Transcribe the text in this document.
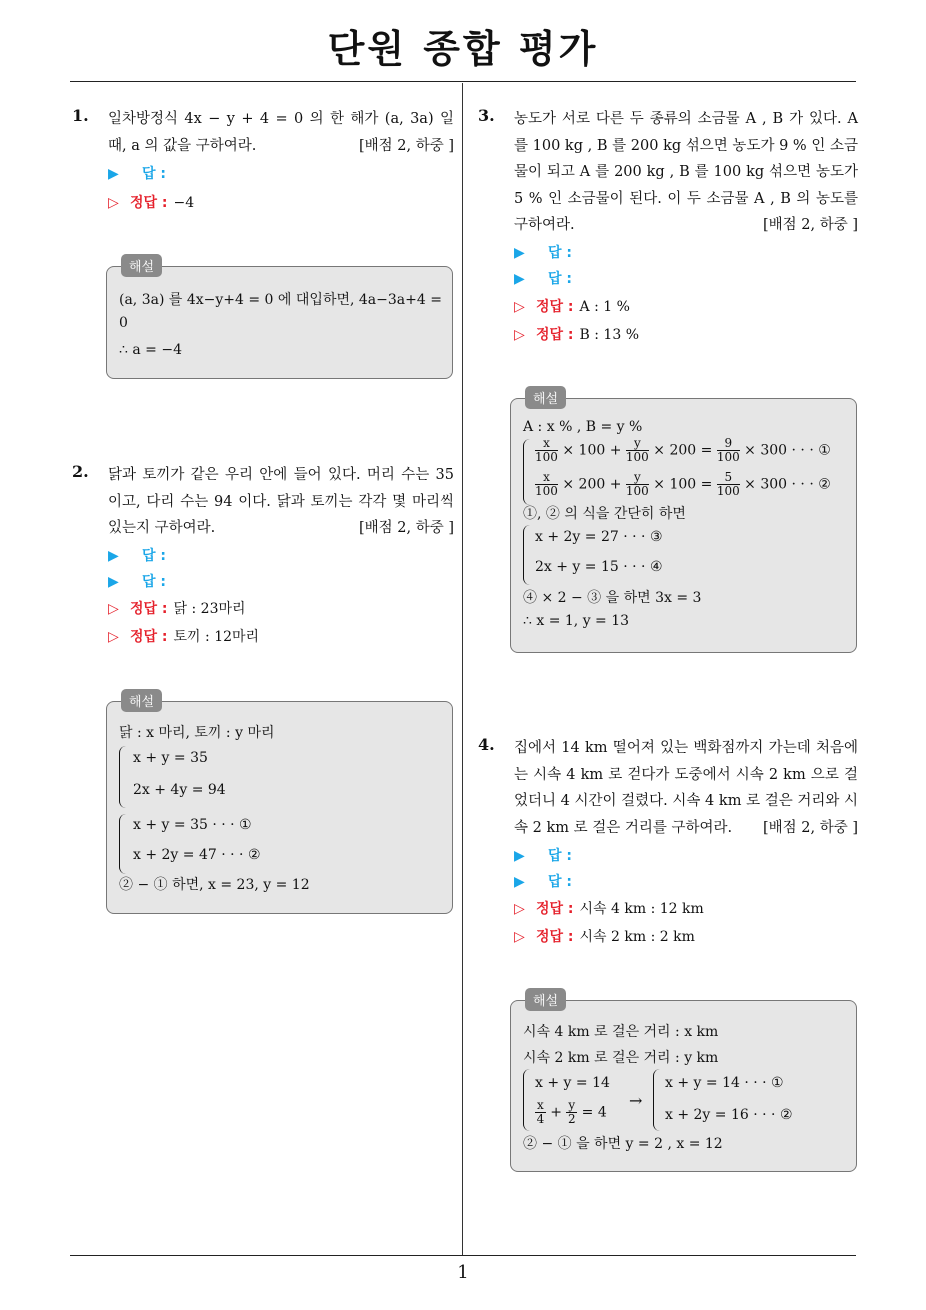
단원 종합 평가
1
1. 일차방정식 4x − y + 4 = 0 의 한 해가 (a, 3a) 일 때, a 의 값을 구하여라.	[배점 2, 하중 ]
▶ 답 :
▷ 정답 : −4
해설
(a, 3a) 를 4x−y+4 = 0 에 대입하면, 4a−3a+4 =
0
∴ a = −4
2. 닭과 토끼가 같은 우리 안에 들어 있다. 머리 수는 35 이고, 다리 수는 94 이다. 닭과 토끼는 각각 몇 마리씩 있는지 구하여라.	[배점 2, 하중 ]
▶ 답 :
▶ 답 :
▷ 정답 : 닭 : 23마리
▷ 정답 : 토끼 : 12마리
해설
닭 : x 마리, 토끼 : y 마리
x + y = 35
2x + 4y = 94
x + y = 35 · · · ①
x + 2y = 47 · · · ②
② − ① 하면, x = 23, y = 12
3. 농도가 서로 다른 두 종류의 소금물 A , B 가 있다. A 를 100 kg , B 를 200 kg 섞으면 농도가 9 % 인 소금물이 되고 A 를 200 kg , B 를 100 kg 섞으면 농도가 5 % 인 소금물이 된다. 이 두 소금물 A , B 의 농도를 구하여라.	[배점 2, 하중 ]
▶ 답 :
▶ 답 :
▷ 정답 : A : 1 %
▷ 정답 : B : 13 %
해설
A : x % , B = y %
$\frac{x}{100} \times 100 + \frac{y}{100} \times 200 = \frac{9}{100} \times 300$ · · · ①
$\frac{x}{100} \times 200 + \frac{y}{100} \times 100 = \frac{5}{100} \times 300$ · · · ②
①, ② 의 식을 간단히 하면
x + 2y = 27 · · · ③
2x + y = 15 · · · ④
④ × 2 − ③ 을 하면 3x = 3
∴ x = 1, y = 13
4. 집에서 14 km 떨어져 있는 백화점까지 가는데 처음에는 시속 4 km 로 걷다가 도중에서 시속 2 km 으로 걸었더니 4 시간이 걸렸다. 시속 4 km 로 걸은 거리와 시속 2 km 로 걸은 거리를 구하여라. [배점 2, 하중 ]
▶ 답 :
▶ 답 :
▷ 정답 : 시속 4 km : 12 km
▷ 정답 : 시속 2 km : 2 km
해설
시속 4 km 로 걸은 거리 : x km
시속 2 km 로 걸은 거리 : y km
x + y = 14
$\frac{x}{4} + \frac{y}{2} = 4$
→
x + y = 14 · · · ①
x + 2y = 16 · · · ②
② − ① 을 하면 y = 2 , x = 12
